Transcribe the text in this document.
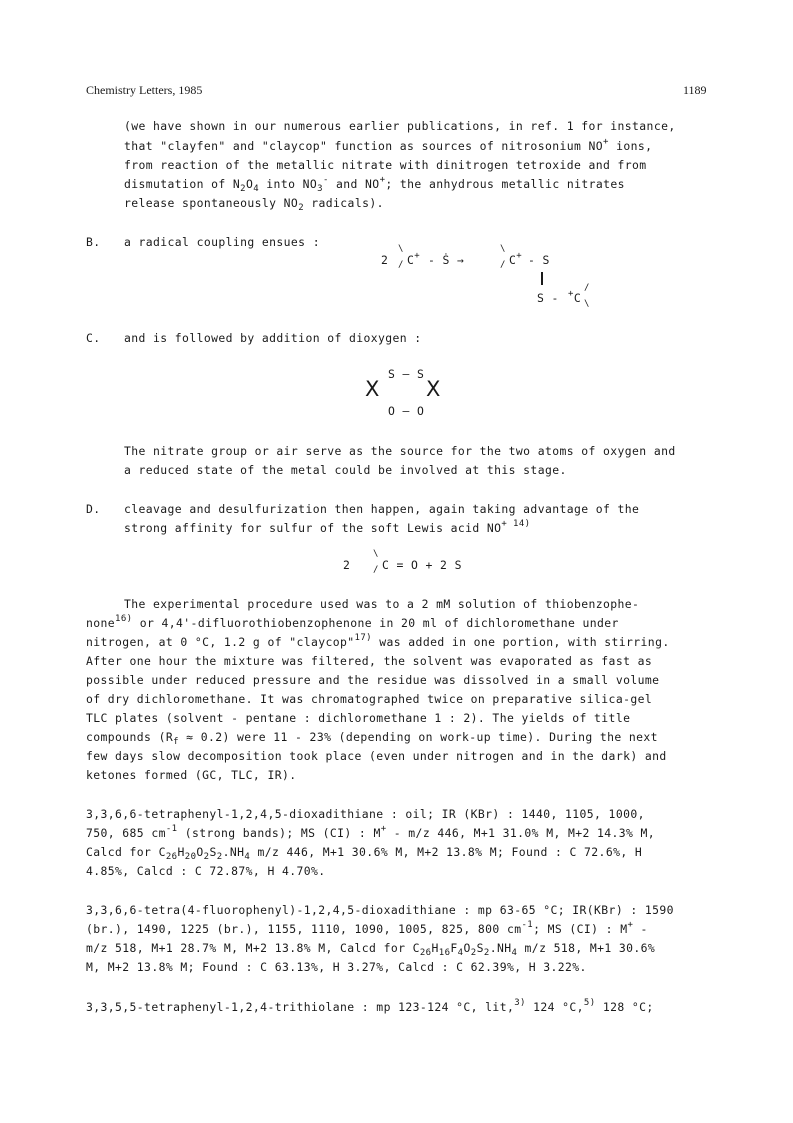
Chemistry Letters, 1985	1189
(we have shown in our numerous earlier publications, in ref. 1 for instance,
that "clayfen" and "claycop" function as sources of nitrosonium NO+ ions,
from reaction of the metallic nitrate with dinitrogen tetroxide and from
dismutation of $N_2O_4$ into $NO_3^-$ and NO+; the anhydrous metallic nitrates
release spontaneously $NO_2$ radicals).
B. a radical coupling ensues :
2
\
/ C+ - Ṡ →
\
/ C+ - S
S - +C
/
\
C. and is followed by addition of dioxygen :
S — S
X X
O — O
The nitrate group or air serve as the source for the two atoms of oxygen and
a reduced state of the metal could be involved at this stage.
D. cleavage and desulfurization then happen, again taking advantage of the
strong affinity for sulfur of the soft Lewis acid $NO^{+ 14)}$
2
\
/ C = O + 2 S
The experimental procedure used was to a 2 mM solution of thiobenzophe-
none$^{16)}$ or 4,4'-difluorothiobenzophenone in 20 ml of dichloromethane under
nitrogen, at 0 °C, 1.2 g of "claycop"$^{17)}$ was added in one portion, with stirring.
After one hour the mixture was filtered, the solvent was evaporated as fast as
possible under reduced pressure and the residue was dissolved in a small volume
of dry dichloromethane. It was chromatographed twice on preparative silica-gel
TLC plates (solvent - pentane : dichloromethane 1 : 2). The yields of title
compounds $(R_f \approx 0.2)$ were 11 - 23% (depending on work-up time). During the next
few days slow decomposition took place (even under nitrogen and in the dark) and
ketones formed (GC, TLC, IR).
3,3,6,6-tetraphenyl-1,2,4,5-dioxadithiane : oil; IR (KBr) : 1440, 1105, 1000,
750, 685 $cm^{-1}$ (strong bands); MS (CI) : M+ - m/z 446, M+1 31.0% M, M+2 14.3% M,
Calcd for $C_{26}H_{20}O_2S_2.NH_4$ m/z 446, M+1 30.6% M, M+2 13.8% M; Found : C 72.6%, H
4.85%, Calcd : C 72.87%, H 4.70%.
3,3,6,6-tetra(4-fluorophenyl)-1,2,4,5-dioxadithiane : mp 63-65 °C; IR(KBr) : 1590
(br.), 1490, 1225 (br.), 1155, 1110, 1090, 1005, 825, 800 $cm^{-1}$; MS (CI) : M+ -
m/z 518, M+1 28.7% M, M+2 13.8% M, Calcd for $C_{26}H_{16}F_4O_2S_2.NH_4$ m/z 518, M+1 30.6%
M, M+2 13.8% M; Found : C 63.13%, H 3.27%, Calcd : C 62.39%, H 3.22%.
3,3,5,5-tetraphenyl-1,2,4-trithiolane : mp 123-124 °C, lit,$^{3)}$ 124 °C,$^{5)}$ 128 °C;
